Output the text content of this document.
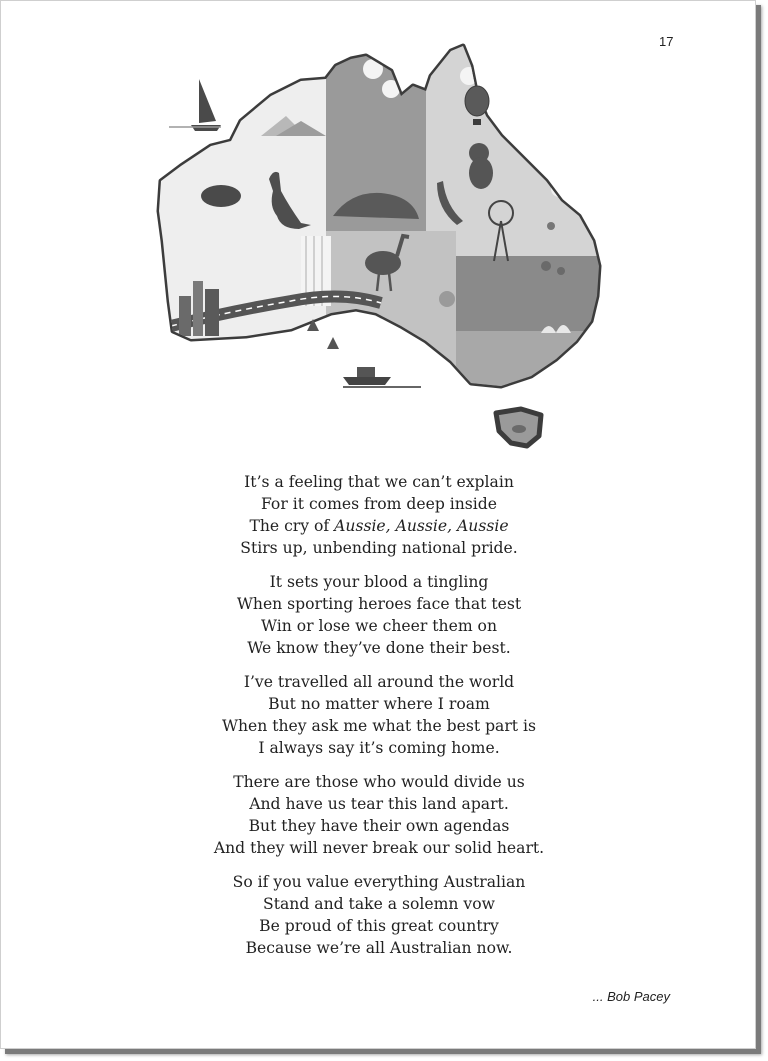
17
It’s a feeling that we can’t explain
For it comes from deep inside
The cry of Aussie, Aussie, Aussie
Stirs up, unbending national pride.
It sets your blood a tingling
When sporting heroes face that test
Win or lose we cheer them on
We know they’ve done their best.
I’ve travelled all around the world
But no matter where I roam
When they ask me what the best part is
I always say it’s coming home.
There are those who would divide us
And have us tear this land apart.
But they have their own agendas
And they will never break our solid heart.
So if you value everything Australian
Stand and take a solemn vow
Be proud of this great country
Because we’re all Australian now.
... Bob Pacey
